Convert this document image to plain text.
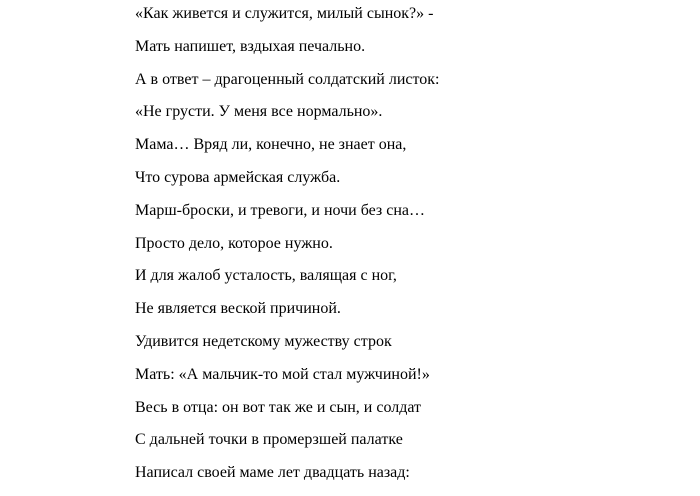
«Как живется и служится, милый сынок?» -
Мать напишет, вздыхая печально.
А в ответ – драгоценный солдатский листок:
«Не грусти. У меня все нормально».
Мама… Вряд ли, конечно, не знает она,
Что сурова армейская служба.
Марш-броски, и тревоги, и ночи без сна…
Просто дело, которое нужно.
И для жалоб усталость, валящая с ног,
Не является веской причиной.
Удивится недетскому мужеству строк
Мать: «А мальчик-то мой стал мужчиной!»
Весь в отца: он вот так же и сын, и солдат
С дальней точки в промерзшей палатке
Написал своей маме лет двадцать назад:
